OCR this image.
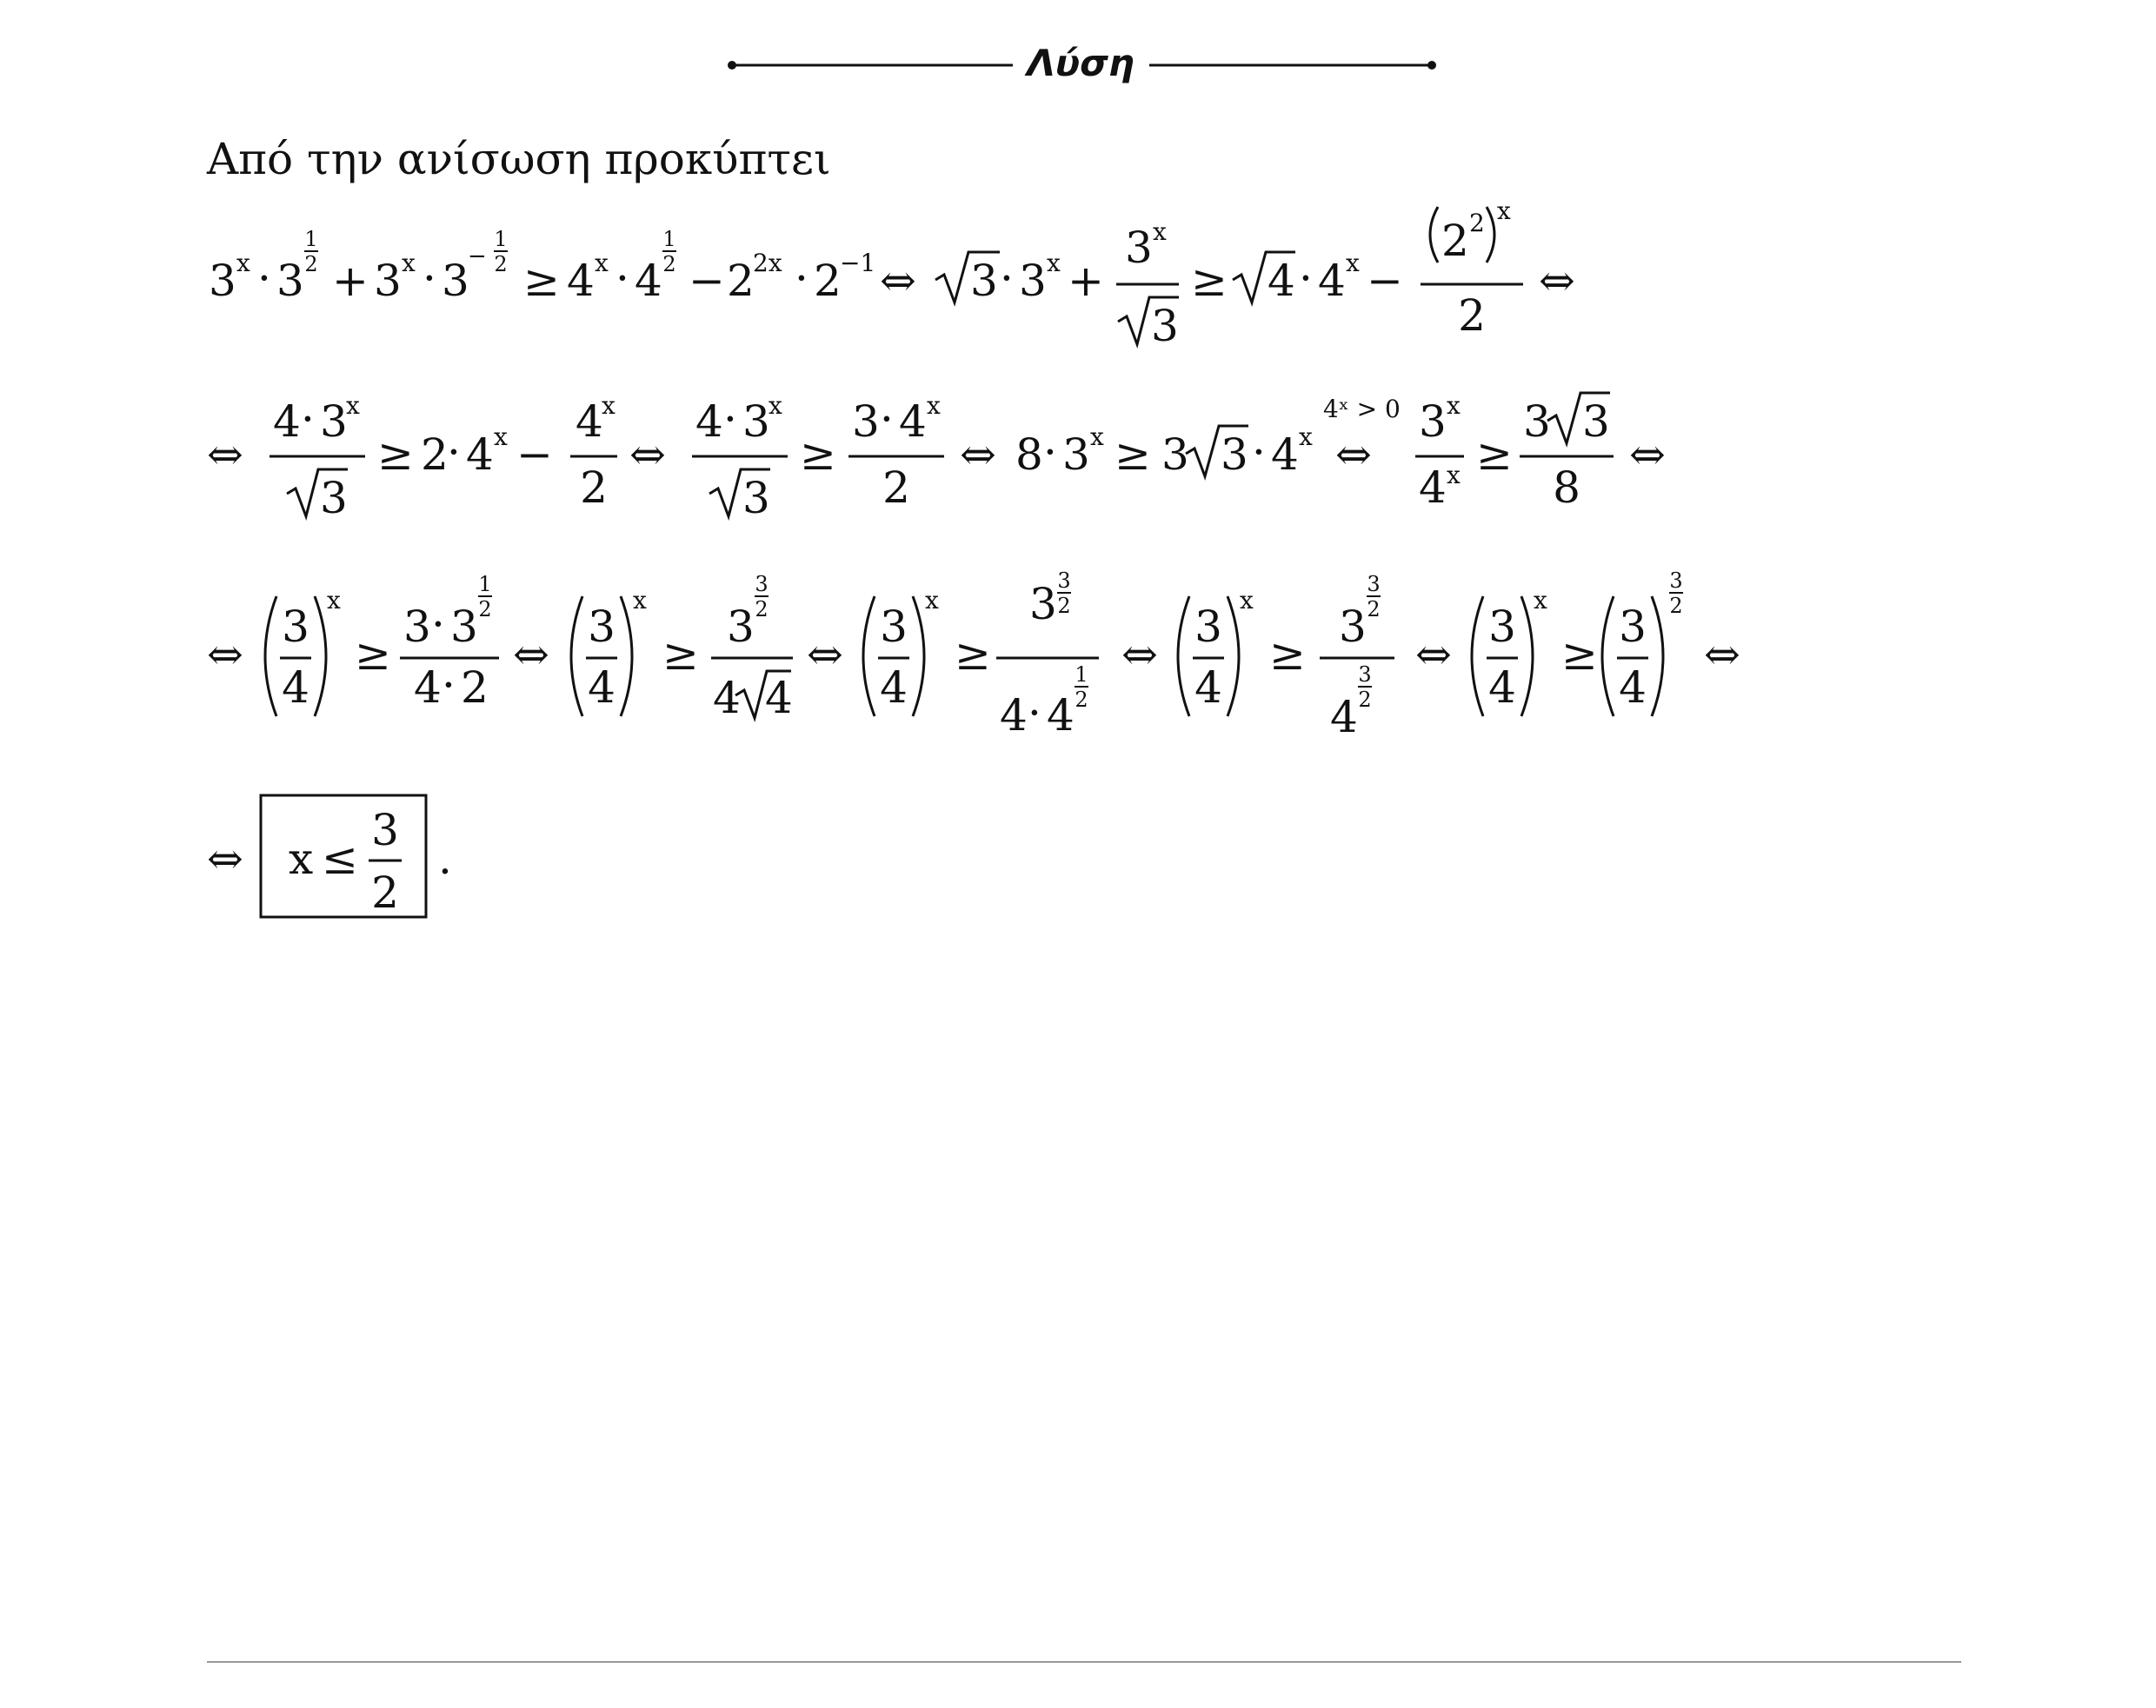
Λύση
Από την ανίσωση προκύπτει
3 x · 3
1
2 + 3 x · 3
−
1
2 ≥ 4 x · 4
1
2 − 2
2x · 2
−1 ⇔ 3 · 3 x +
3 x
3
≥ 4 · 4 x −
2 2 x
2
⇔
⇔
4 · 3
x
3
≥ 2
· 4 x −
4
x
2
⇔
4 · 3
x
3
≥
3 · 4 x
2
⇔ 8 · 3 x ≥ 3 3 · 4 x
4ˣ > 0
⇔
3 x
4 x ≥
3 3
8
⇔
⇔
3
4
x
≥
3 · 3
1
2
4 · 2
⇔
3
4
x
≥
3
3
2
4 4
⇔
3
4
x
≥
3 3
2
4 · 4
1
2
⇔
3
4
x
≥
3
3
2
4
3
2
⇔
3
4
x
≥
3
4
3
2
⇔
⇔ x ≤
3
2
.
